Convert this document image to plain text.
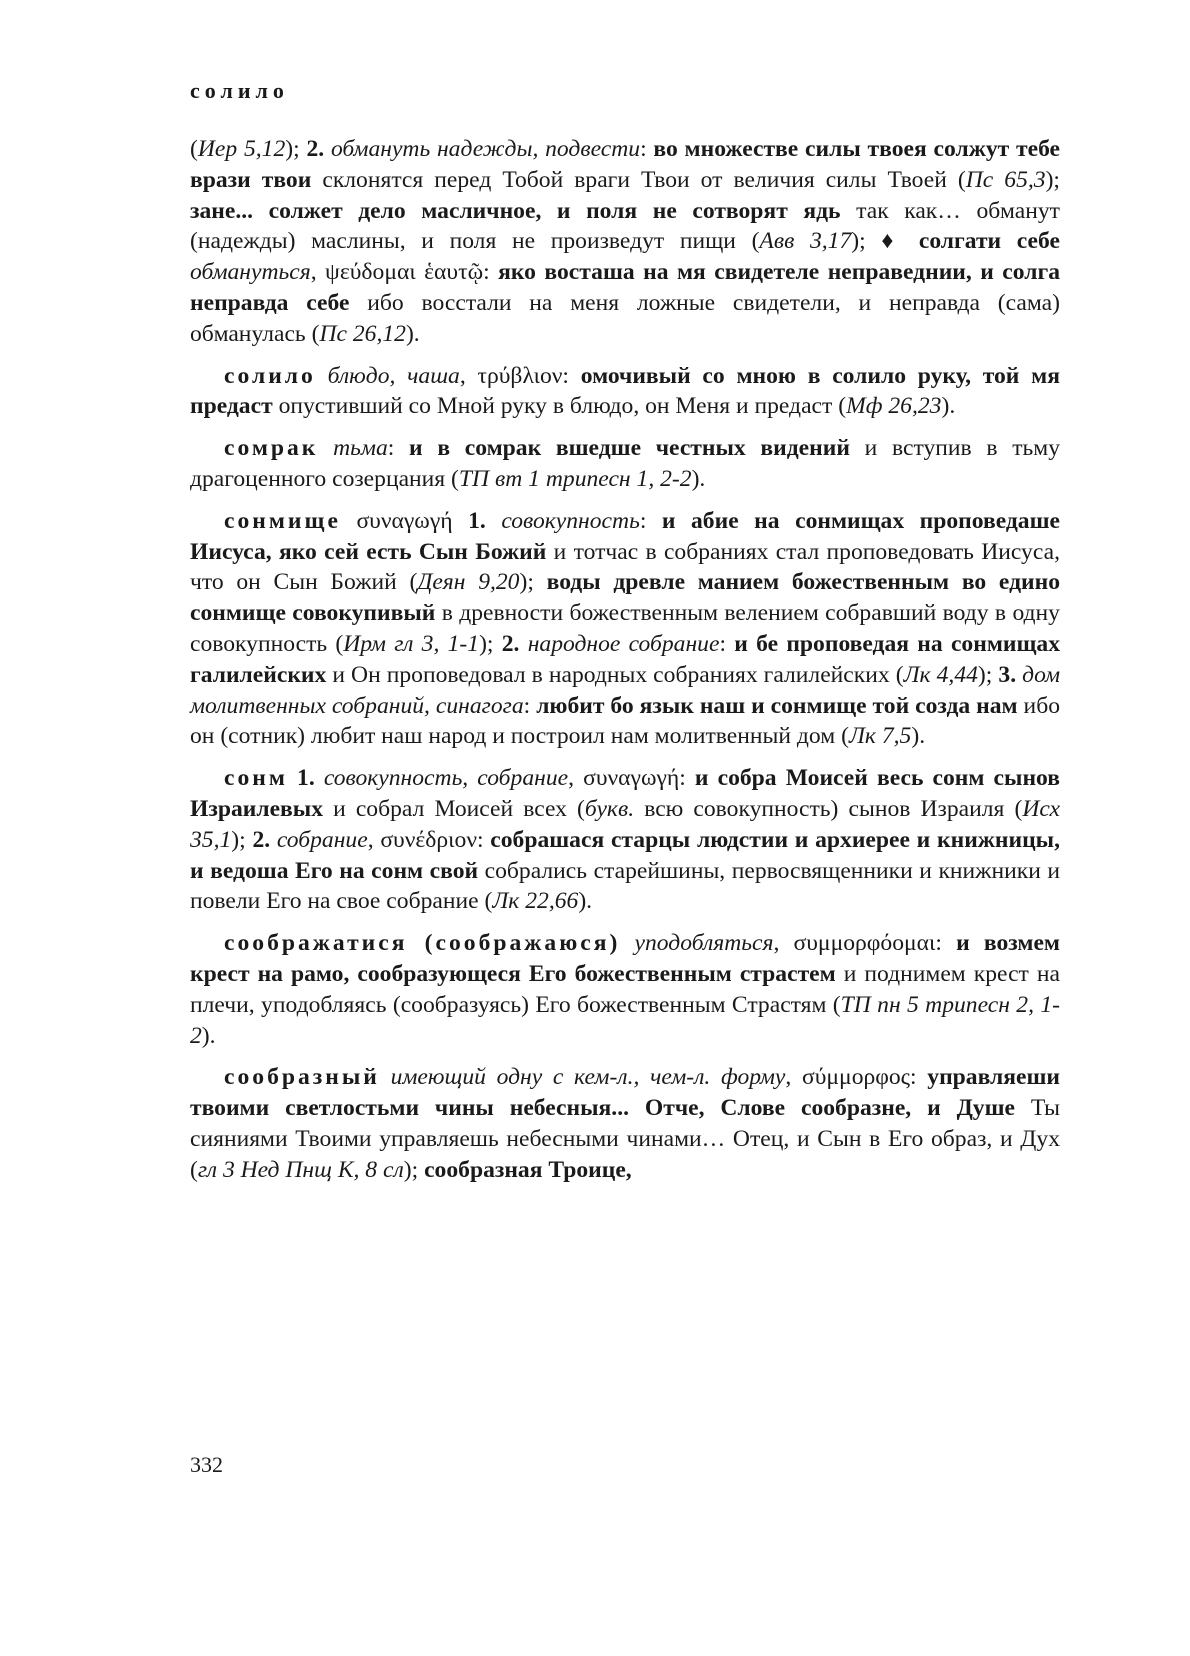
солило

(Иер 5,12); 2. обмануть надежды, подвести: во множестве силы твоея солжут тебе врази твои склонятся перед Тобой враги Твои от величия силы Твоей (Пс 65,3); зане... солжет дело масличное, и поля не сотворят ядь так как… обманут (надежды) маслины, и поля не произведут пищи (Авв 3,17); ♦ солгати себе обмануться, ψεύδομαι ἑαυτῷ: яко восташа на мя свидетеле неправеднии, и солга неправда себе ибо восстали на меня ложные свидетели, и неправда (сама) обманулась (Пс 26,12).

солило блюдо, чаша, τρύβλιον: омочивый со мною в солило руку, той мя предаст опустивший со Мной руку в блюдо, он Меня и предаст (Мф 26,23).

сомрак тьма: и в сомрак вшедше честных видений и вступив в тьму драгоценного созерцания (ТП вт 1 трипесн 1, 2-2).

сонмище συναγωγή 1. совокупность: и абие на сонмищах проповедаше Иисуса, яко сей есть Сын Божий и тотчас в собраниях стал проповедовать Иисуса, что он Сын Божий (Деян 9,20); воды древле манием божественным во едино сонмище совокупивый в древности божественным велением собравший воду в одну совокупность (Ирм гл 3, 1-1); 2. народное собрание: и бе проповедая на сонмищах галилейских и Он проповедовал в народных собраниях галилейских (Лк 4,44); 3. дом молитвенных собраний, синагога: любит бо язык наш и сонмище той созда нам ибо он (сотник) любит наш народ и построил нам молитвенный дом (Лк 7,5).

сонм 1. совокупность, собрание, συναγωγή: и собра Моисей весь сонм сынов Израилевых и собрал Моисей всех (букв. всю совокупность) сынов Израиля (Исх 35,1); 2. собрание, συνέδριον: собрашася старцы людстии и архиерее и книжницы, и ведоша Его на сонм свой собрались старейшины, первосвященники и книжники и повели Его на свое собрание (Лк 22,66).

соображатися (соображаюся) уподобляться, συμμορφόομαι: и возмем крест на рамо, сообразующеся Его божественным страстем и поднимем крест на плечи, уподобляясь (сообразуясь) Его божественным Страстям (ТП пн 5 трипесн 2, 1-2).

сообразный имеющий одну с кем-л., чем-л. форму, σύμμορφος: управляеши твоими светлостьми чины небесныя... Отче, Слове сообразне, и Душе Ты сияниями Твоими управляешь небесными чинами… Отец, и Сын в Его образ, и Дух (гл 3 Нед Пнщ К, 8 сл); сообразная Троице,

332
